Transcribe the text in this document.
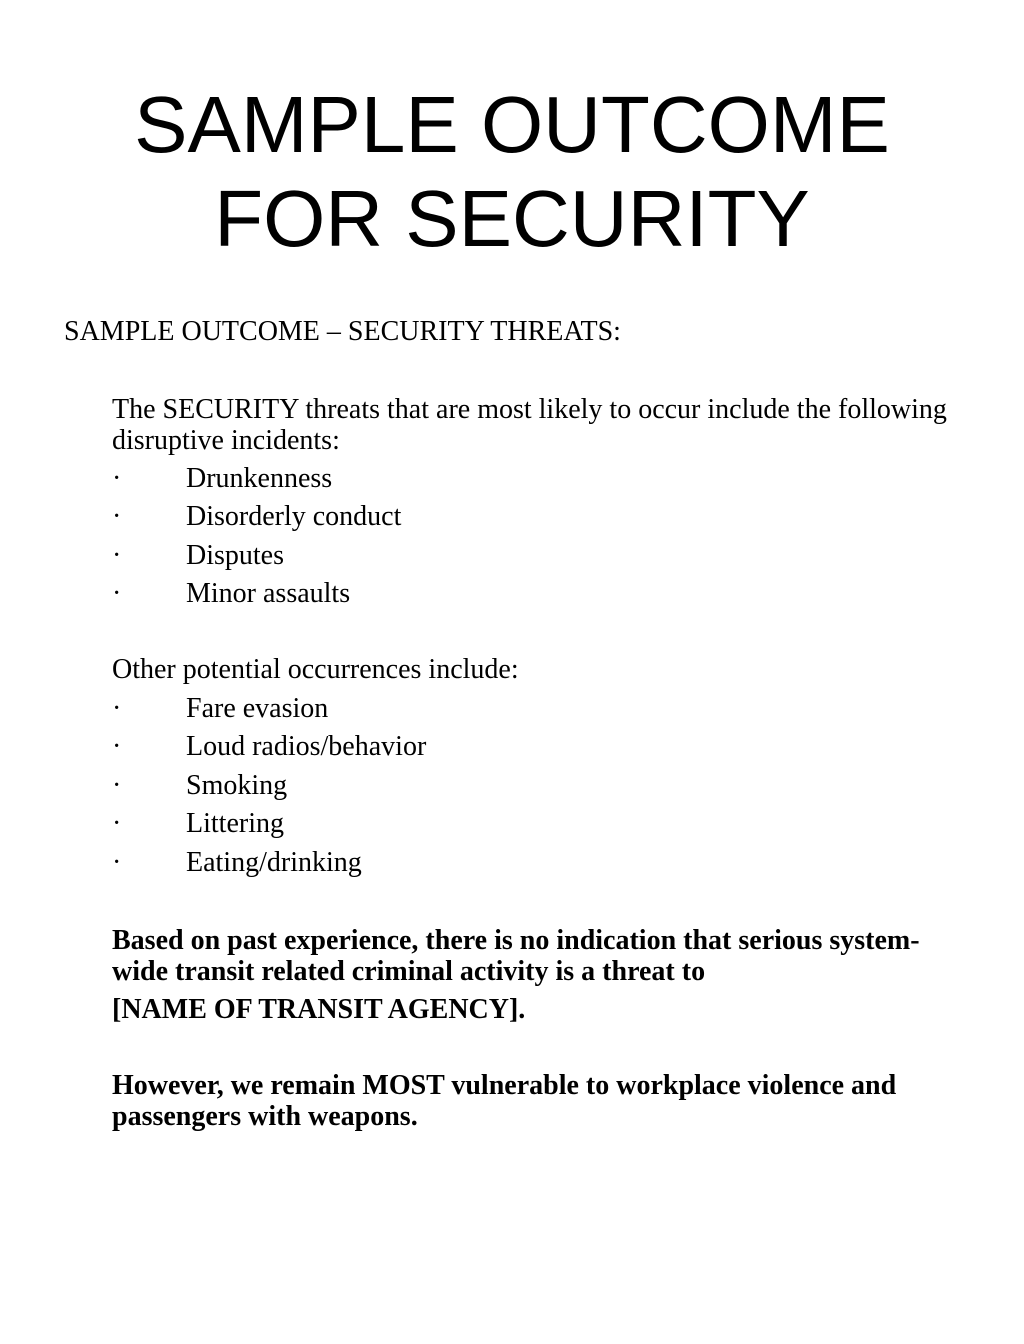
SAMPLE OUTCOME
FOR SECURITY

SAMPLE OUTCOME – SECURITY THREATS:

The SECURITY threats that are most likely to occur include the following disruptive incidents:

·	Drunkenness
·	Disorderly conduct
·	Disputes
·	Minor assaults

Other potential occurrences include:

·	Fare evasion
·	Loud radios/behavior
·	Smoking
·	Littering
·	Eating/drinking

Based on past experience, there is no indication that serious system-wide transit related criminal activity is a threat to
[NAME OF TRANSIT AGENCY].

However, we remain MOST vulnerable to workplace violence and passengers with weapons.
